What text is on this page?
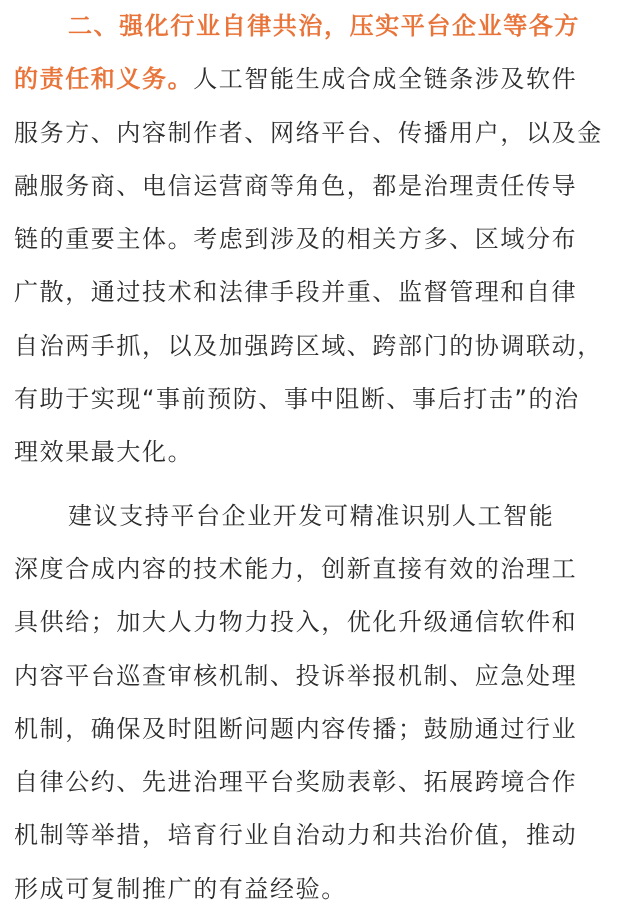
二、强化行业自律共治，压实平台企业等各方
的责任和义务。人工智能生成合成全链条涉及软件
服务方、内容制作者、网络平台、传播用户，以及金
融服务商、电信运营商等角色，都是治理责任传导
链的重要主体。考虑到涉及的相关方多、区域分布
广散，通过技术和法律手段并重、监督管理和自律
自治两手抓，以及加强跨区域、跨部门的协调联动，
有助于实现“事前预防、事中阻断、事后打击”的治
理效果最大化。
建议支持平台企业开发可精准识别人工智能
深度合成内容的技术能力，创新直接有效的治理工
具供给；加大人力物力投入，优化升级通信软件和
内容平台巡查审核机制、投诉举报机制、应急处理
机制，确保及时阻断问题内容传播；鼓励通过行业
自律公约、先进治理平台奖励表彰、拓展跨境合作
机制等举措，培育行业自治动力和共治价值，推动
形成可复制推广的有益经验。
